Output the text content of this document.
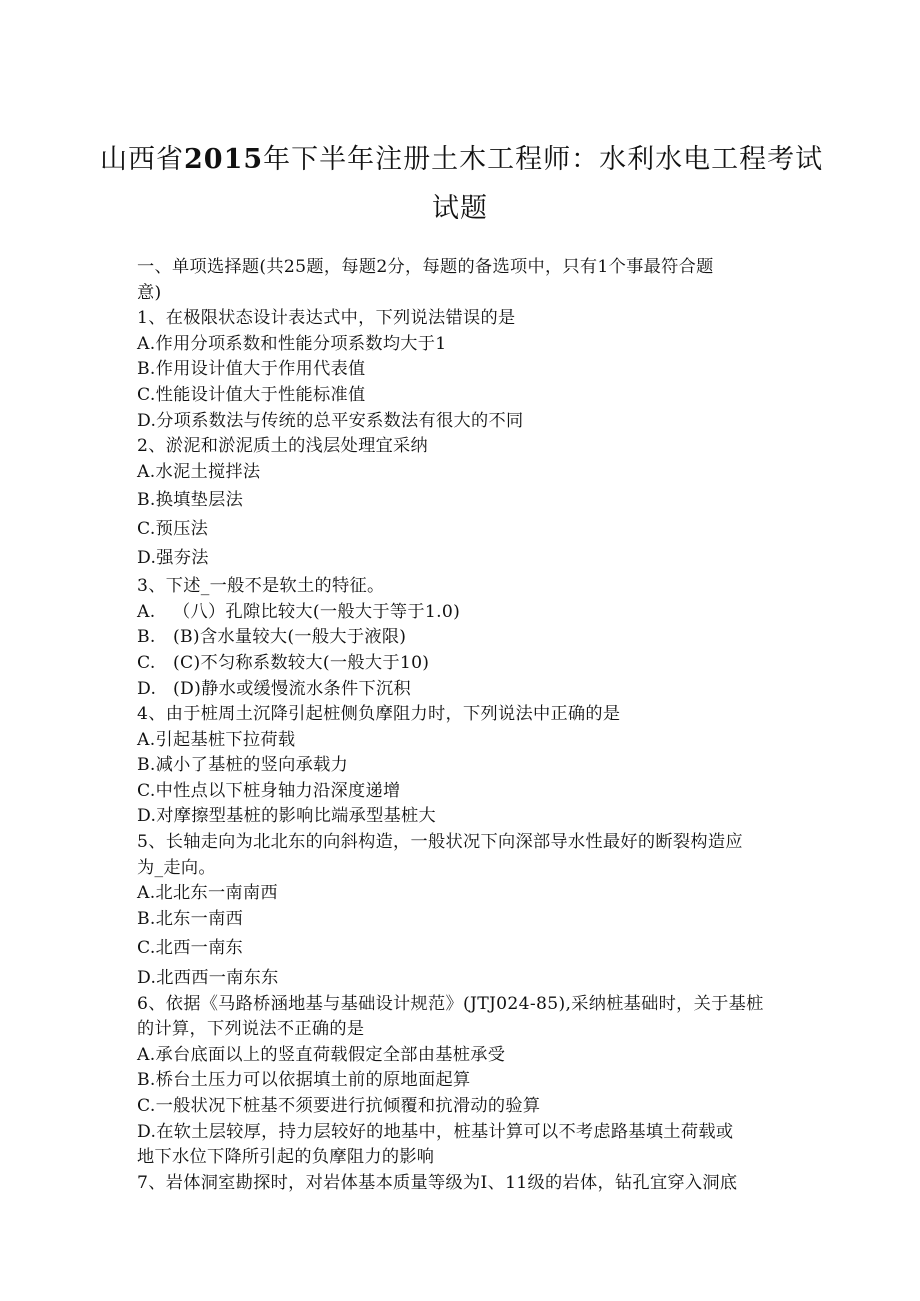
山西省2015年下半年注册土木工程师：水利水电工程考试
试题
一、单项选择题(共25题，每题2分，每题的备选项中，只有1个事最符合题
意)
1、在极限状态设计表达式中，下列说法错误的是
A.作用分项系数和性能分项系数均大于1
B.作用设计值大于作用代表值
C.性能设计值大于性能标准值
D.分项系数法与传统的总平安系数法有很大的不同
2、淤泥和淤泥质土的浅层处理宜采纳
A.水泥土搅拌法
B.换填垫层法
C.预压法
D.强夯法
3、下述_一般不是软土的特征。
A. （八）孔隙比较大(一般大于等于1.0)
B. (B)含水量较大(一般大于液限)
C. (C)不匀称系数较大(一般大于10)
D. (D)静水或缓慢流水条件下沉积
4、由于桩周土沉降引起桩侧负摩阻力时，下列说法中正确的是
A.引起基桩下拉荷载
B.减小了基桩的竖向承载力
C.中性点以下桩身轴力沿深度递增
D.对摩擦型基桩的影响比端承型基桩大
5、长轴走向为北北东的向斜构造，一般状况下向深部导水性最好的断裂构造应
为_走向。
A.北北东一南南西
B.北东一南西
C.北西一南东
D.北西西一南东东
6、依据《马路桥涵地基与基础设计规范》(JTJ024-85),采纳桩基础时，关于基桩
的计算，下列说法不正确的是
A.承台底面以上的竖直荷载假定全部由基桩承受
B.桥台土压力可以依据填土前的原地面起算
C.一般状况下桩基不须要进行抗倾覆和抗滑动的验算
D.在软土层较厚，持力层较好的地基中，桩基计算可以不考虑路基填土荷载或
地下水位下降所引起的负摩阻力的影响
7、岩体洞室勘探时，对岩体基本质量等级为I、11级的岩体，钻孔宜穿入洞底
